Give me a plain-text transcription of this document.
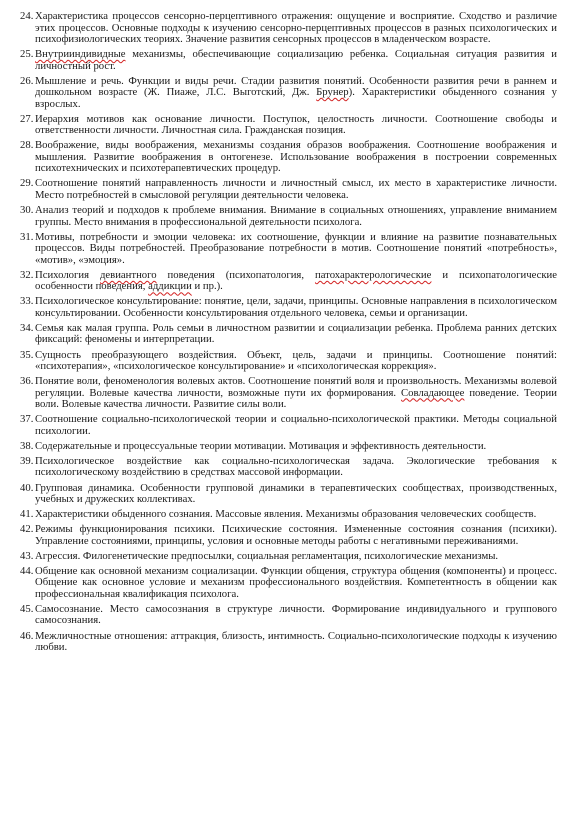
24. Характеристика процессов сенсорно-перцептивного отражения: ощущение и восприятие. Сходство и различие этих процессов. Основные подходы к изучению сенсорно-перцептивных процессов в разных психологических и психофизиологических теориях. Значение развития сенсорных процессов в младенческом возрасте.
25. Внутрииндивидные механизмы, обеспечивающие социализацию ребенка. Социальная ситуация развития и личностный рост.
26. Мышление и речь. Функции и виды речи. Стадии развития понятий. Особенности развития речи в раннем и дошкольном возрасте (Ж. Пиаже, Л.С. Выготский, Дж. Брунер). Характеристики обыденного сознания у взрослых.
27. Иерархия мотивов как основание личности. Поступок, целостность личности. Соотношение свободы и ответственности личности. Личностная сила. Гражданская позиция.
28. Воображение, виды воображения, механизмы создания образов воображения. Соотношение воображения и мышления. Развитие воображения в онтогенезе. Использование воображения в построении современных психотехнических и психотерапевтических процедур.
29. Соотношение понятий направленность личности и личностный смысл, их место в характеристике личности. Место потребностей в смысловой регуляции деятельности человека.
30. Анализ теорий и подходов к проблеме внимания. Внимание в социальных отношениях, управление вниманием группы. Место внимания в профессиональной деятельности психолога.
31. Мотивы, потребности и эмоции человека: их соотношение, функции и влияние на развитие познавательных процессов. Виды потребностей. Преобразование потребности в мотив. Соотношение понятий «потребность», «мотив», «эмоция».
32. Психология девиантного поведения (психопатология, патохарактерологические и психопатологические особенности поведения, аддикции и пр.).
33. Психологическое консультирование: понятие, цели, задачи, принципы. Основные направления в психологическом консультировании. Особенности консультирования отдельного человека, семьи и организации.
34. Семья как малая группа. Роль семьи в личностном развитии и социализации ребенка. Проблема ранних детских фиксаций: феномены и интерпретации.
35. Сущность преобразующего воздействия. Объект, цель, задачи и принципы. Соотношение понятий: «психотерапия», «психологическое консультирование» и «психологическая коррекция».
36. Понятие воли, феноменология волевых актов. Соотношение понятий воля и произвольность. Механизмы волевой регуляции. Волевые качества личности, возможные пути их формирования. Совладающее поведение. Теории воли. Волевые качества личности. Развитие силы воли.
37. Соотношение социально-психологической теории и социально-психологической практики. Методы социальной психологии.
38. Содержательные и процессуальные теории мотивации. Мотивация и эффективность деятельности.
39. Психологическое воздействие как социально-психологическая задача. Экологические требования к психологическому воздействию в средствах массовой информации.
40. Групповая динамика. Особенности групповой динамики в терапевтических сообществах, производственных, учебных и дружеских коллективах.
41. Характеристики обыденного сознания. Массовые явления. Механизмы образования человеческих сообществ.
42. Режимы функционирования психики. Психические состояния. Измененные состояния сознания (психики). Управление состояниями, принципы, условия и основные методы работы с негативными переживаниями.
43. Агрессия. Филогенетические предпосылки, социальная регламентация, психологические механизмы.
44. Общение как основной механизм социализации. Функции общения, структура общения (компоненты) и процесс. Общение как основное условие и механизм профессионального воздействия. Компетентность в общении как профессиональная квалификация психолога.
45. Самосознание. Место самосознания в структуре личности. Формирование индивидуального и группового самосознания.
46. Межличностные отношения: аттракция, близость, интимность. Социально-психологические подходы к изучению любви.
